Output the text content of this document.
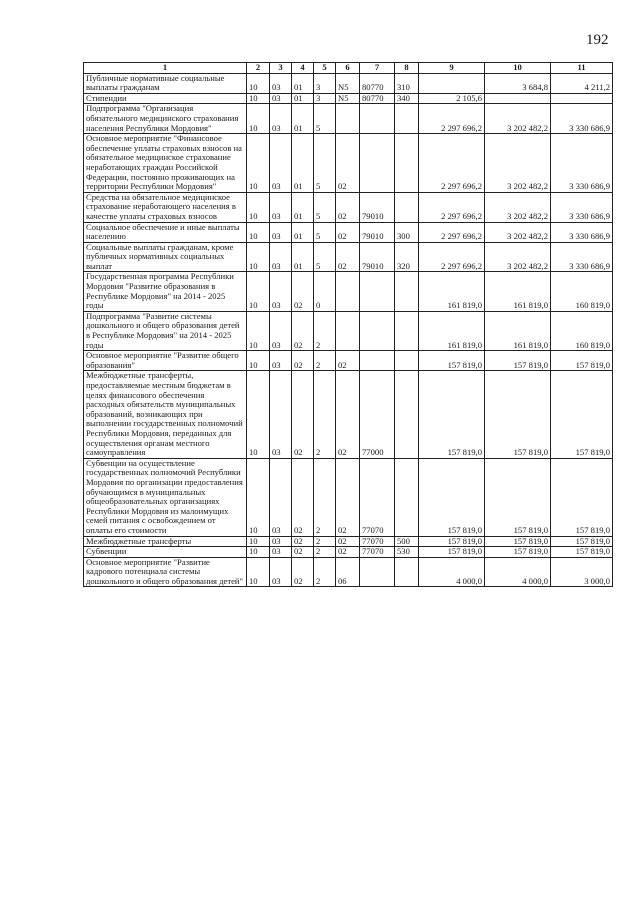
192
1	2	3	4	5	6	7	8	9	10	11
Публичные нормативные социальные выплаты гражданам	10	03	01	3	N5	80770	310		3 684,8	4 211,2
Стипендии	10	03	01	3	N5	80770	340	2 105,6		
Подпрограмма "Организация обязательного медицинского страхования населения Республики Мордовия"	10	03	01	5				2 297 696,2	3 202 482,2	3 330 686,9
Основное мероприятие "Финансовое обеспечение уплаты страховых взносов на обязательное медицинское страхование неработающих граждан Российской Федерации, постоянно проживающих на территории Республики Мордовия"	10	03	01	5	02			2 297 696,2	3 202 482,2	3 330 686,9
Средства на обязательное медицинское страхование неработающего населения в качестве уплаты страховых взносов	10	03	01	5	02	79010		2 297 696,2	3 202 482,2	3 330 686,9
Социальное обеспечение и иные выплаты населению	10	03	01	5	02	79010	300	2 297 696,2	3 202 482,2	3 330 686,9
Социальные выплаты гражданам, кроме публичных нормативных социальных выплат	10	03	01	5	02	79010	320	2 297 696,2	3 202 482,2	3 330 686,9
Государственная программа Республики Мордовия "Развитие образования в Республике Мордовия" на 2014 - 2025 годы	10	03	02	0				161 819,0	161 819,0	160 819,0
Подпрограмма "Развитие системы дошкольного и общего образования детей в Республике Мордовия" на 2014 - 2025 годы	10	03	02	2				161 819,0	161 819,0	160 819,0
Основное мероприятие "Развитие общего образования"	10	03	02	2	02			157 819,0	157 819,0	157 819,0
Межбюджетные трансферты, предоставляемые местным бюджетам в целях финансового обеспечения расходных обязательств муниципальных образований, возникающих при выполнении государственных полномочий Республики Мордовия, переданных для осуществления органам местного самоуправления	10	03	02	2	02	77000		157 819,0	157 819,0	157 819,0
Субвенции на осуществление государственных полномочий Республики Мордовия по организации предоставления обучающимся в муниципальных общеобразовательных организациях Республики Мордовия из малоимущих семей питания с освобождением от оплаты его стоимости	10	03	02	2	02	77070		157 819,0	157 819,0	157 819,0
Межбюджетные трансферты	10	03	02	2	02	77070	500	157 819,0	157 819,0	157 819,0
Субвенции	10	03	02	2	02	77070	530	157 819,0	157 819,0	157 819,0
Основное мероприятие "Развитие кадрового потенциала системы дошкольного и общего образования детей"	10	03	02	2	06			4 000,0	4 000,0	3 000,0
